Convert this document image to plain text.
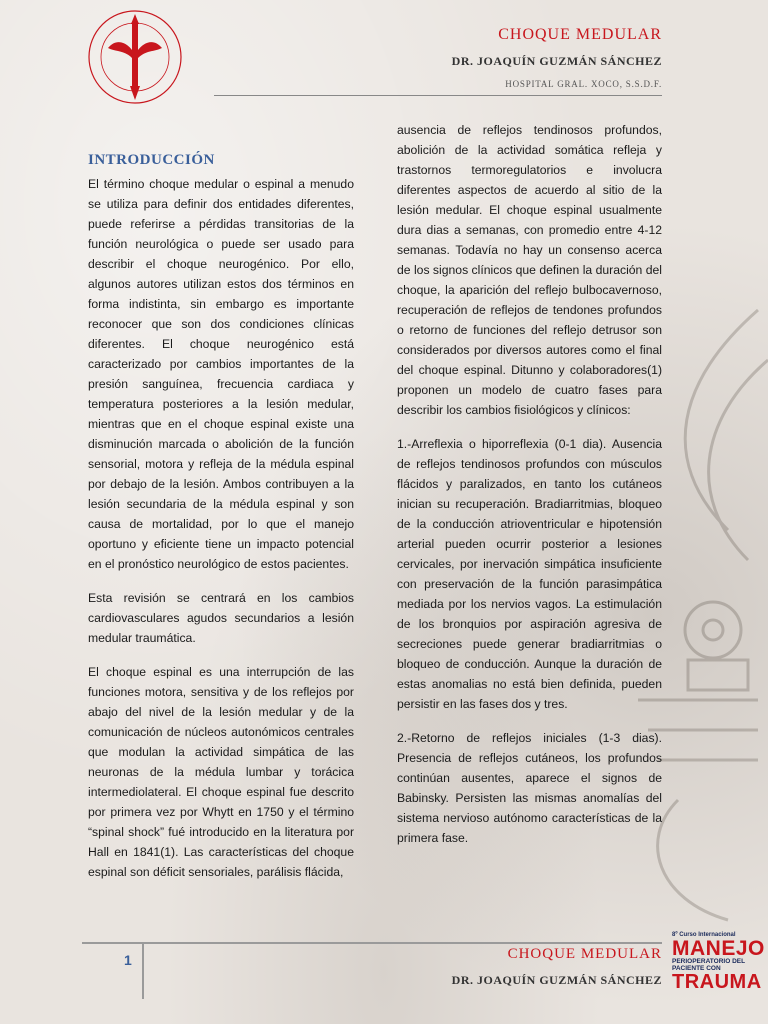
CHOQUE MEDULAR
DR. JOAQUÍN GUZMÁN SÁNCHEZ
HOSPITAL GRAL. XOCO, S.S.D.F.
INTRODUCCIÓN

El término choque medular o espinal a menudo se utiliza para definir dos entidades diferentes, puede referirse a pérdidas transitorias de la función neurológica o puede ser usado para describir el choque neurogénico. Por ello, algunos autores utilizan estos dos términos en forma indistinta, sin embargo es importante reconocer que son dos condiciones clínicas diferentes. El choque neurogénico está caracterizado por cambios importantes de la presión sanguínea, frecuencia cardiaca y temperatura posteriores a la lesión medular, mientras que en el choque espinal existe una disminución marcada o abolición de la función sensorial, motora y refleja de la médula espinal por debajo de la lesión. Ambos contribuyen a la lesión secundaria de la médula espinal y son causa de mortalidad, por lo que el manejo oportuno y eficiente tiene un impacto potencial en el pronóstico neurológico de estos pacientes.

Esta revisión se centrará en los cambios cardiovasculares agudos secundarios a lesión medular traumática.

El choque espinal es una interrupción de las funciones motora, sensitiva y de los reflejos por abajo del nivel de la lesión medular y de la comunicación de núcleos autonómicos centrales que modulan la actividad simpática de las neuronas de la médula lumbar y torácica intermediolateral. El choque espinal fue descrito por primera vez por Whytt en 1750 y el término “spinal shock” fué introducido en la literatura por Hall en 1841(1). Las características del choque espinal son déficit sensoriales, parálisis flácida,

ausencia de reflejos tendinosos profundos, abolición de la actividad somática refleja y trastornos termoregulatorios e involucra diferentes aspectos de acuerdo al sitio de la lesión medular. El choque espinal usualmente dura dias a semanas, con promedio entre 4-12 semanas. Todavía no hay un consenso acerca de los signos clínicos que definen la duración del choque, la aparición del reflejo bulbocavernoso, recuperación de reflejos de tendones profundos o retorno de funciones del reflejo detrusor son considerados por diversos autores como el final del choque espinal. Ditunno y colaboradores(1) proponen un modelo de cuatro fases para describir los cambios fisiológicos y clínicos:

1.-Arreflexia o hiporreflexia (0-1 dia). Ausencia de reflejos tendinosos profundos con músculos flácidos y paralizados, en tanto los cutáneos inician su recuperación. Bradiarritmias, bloqueo de la conducción atrioventricular e hipotensión arterial pueden ocurrir posterior a lesiones cervicales, por inervación simpática insuficiente con preservación de la función parasimpática mediada por los nervios vagos. La estimulación de los bronquios por aspiración agresiva de secreciones puede generar bradiarritmias o bloqueo de conducción. Aunque la duración de estas anomalias no está bien definida, pueden persistir en las fases dos y tres.

2.-Retorno de reflejos iniciales (1-3 dias). Presencia de reflejos cutáneos, los profundos continúan ausentes, aparece el signos de Babinsky. Persisten las mismas anomalías del sistema nervioso autónomo características de la primera fase.

1	CHOQUE MEDULAR
DR. JOAQUÍN GUZMÁN SÁNCHEZ
8º Curso Internacional
MANEJO
PERIOPERATORIO DEL PACIENTE CON
TRAUMA
